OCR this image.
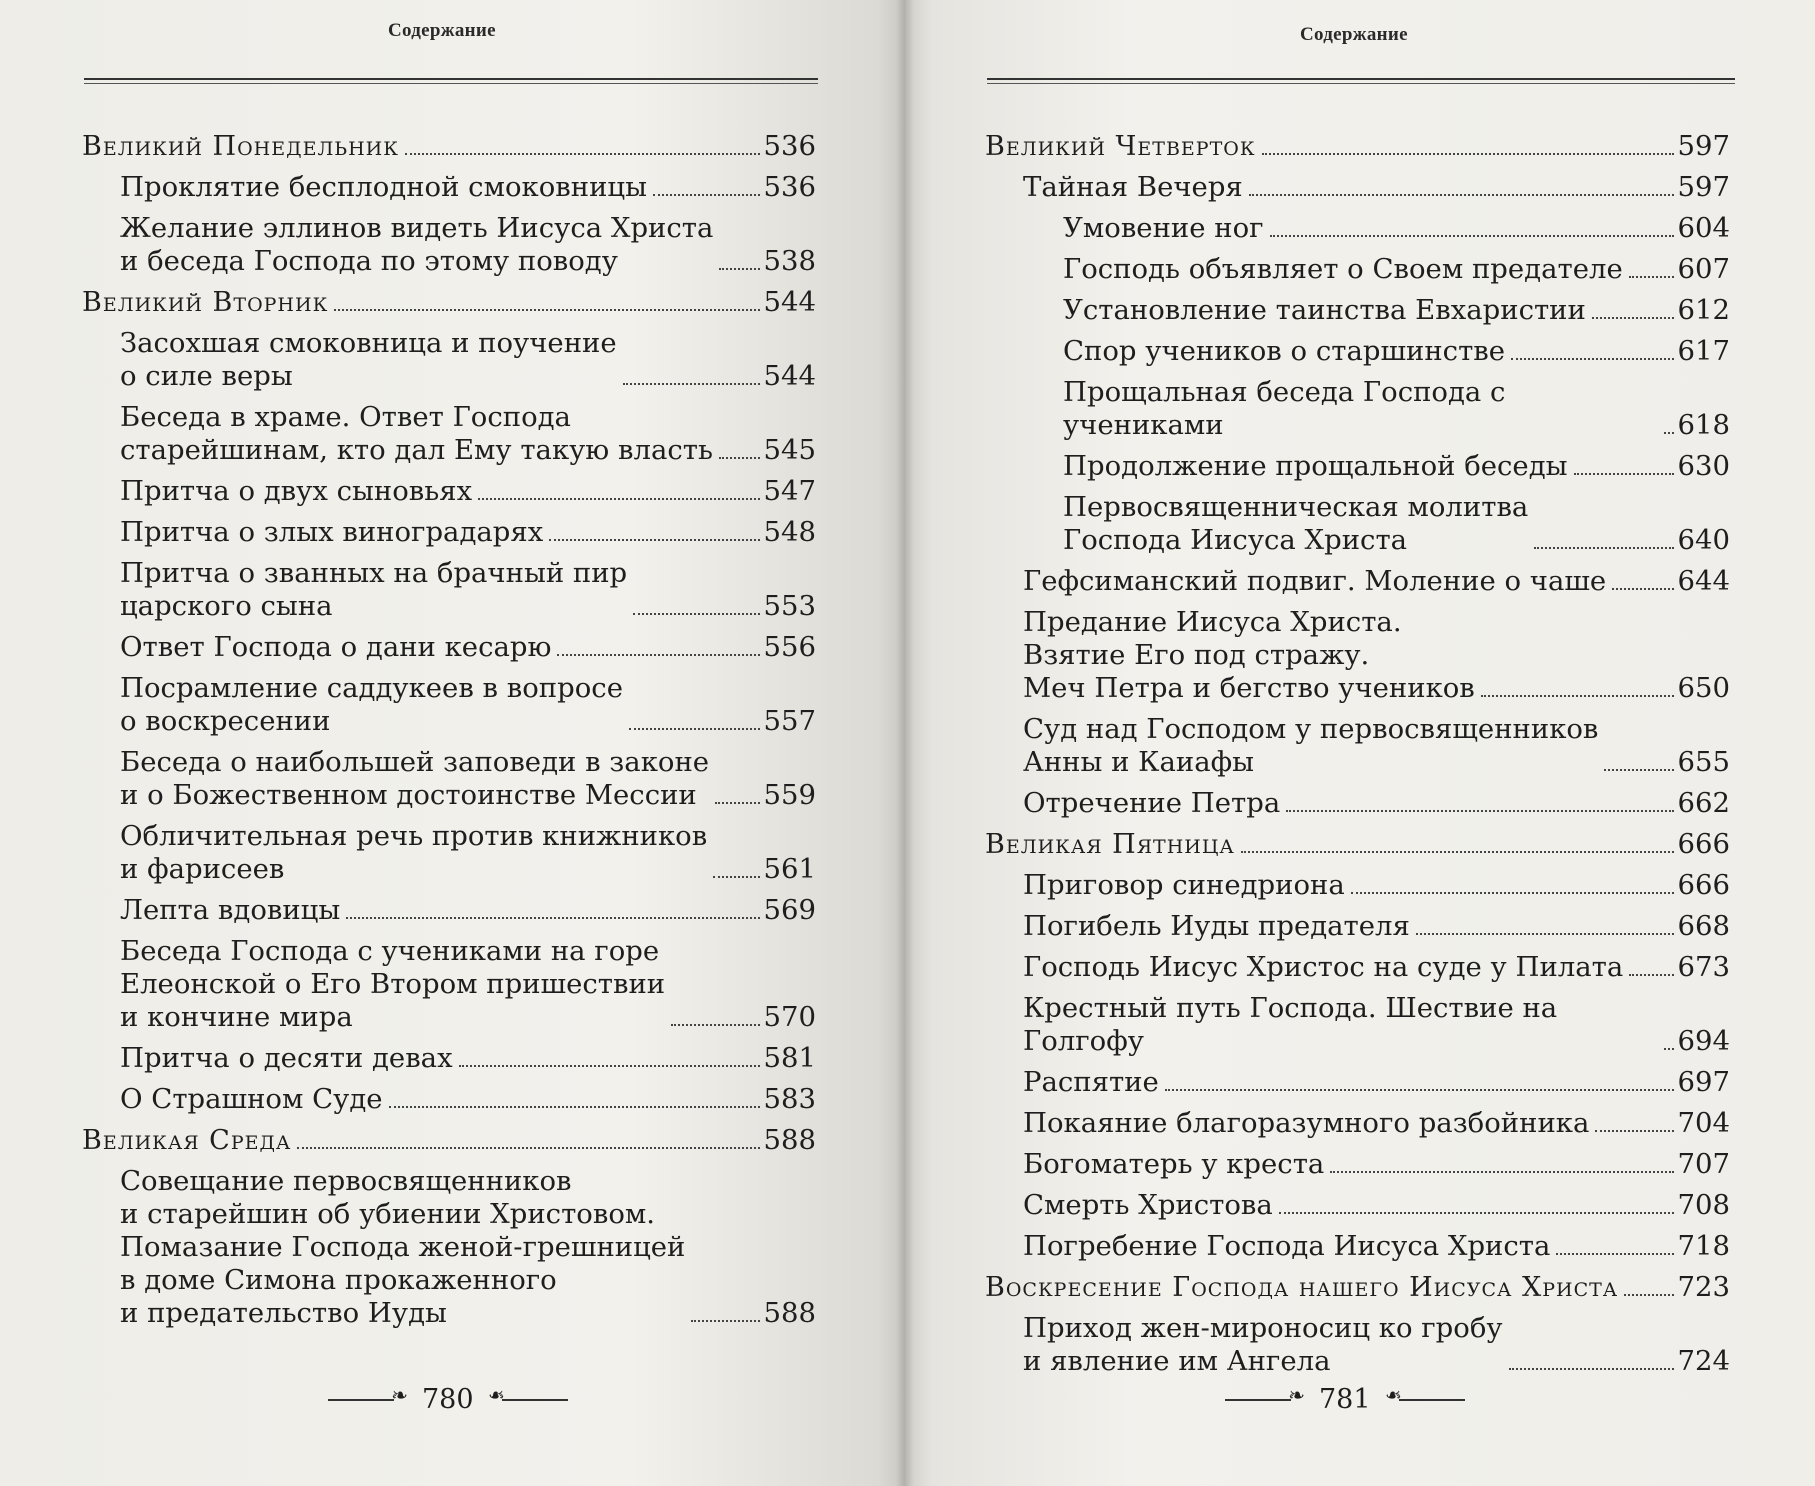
Содержание
Великий Понедельник	536
Проклятие бесплодной смоковницы	536
Желание эллинов видеть Иисуса Христа
и беседа Господа по этому поводу	538
Великий Вторник	544
Засохшая смоковница и поучение
о силе веры	544
Беседа в храме. Ответ Господа
старейшинам, кто дал Ему такую власть 545
Притча о двух сыновьях	547
Притча о злых виноградарях	548
Притча о званных на брачный пир
царского сына	553
Ответ Господа о дани кесарю	556
Посрамление саддукеев в вопросе
о воскресении	557
Беседа о наибольшей заповеди в законе
и о Божественном достоинстве Мессии	559
Обличительная речь против книжников
и фарисеев	561
Лепта вдовицы	569
Беседа Господа с учениками на горе
Елеонской о Его Втором пришествии
и кончине мира	570
Притча о десяти девах	581
О Страшном Суде	583
Великая Среда	588
Совещание первосвященников
и старейшин об убиении Христовом.
Помазание Господа женой-грешницей
в доме Симона прокаженного
и предательство Иуды	588
❧
780
❧
Содержание
Великий Четверток	597
Тайная Вечеря	597
Умовение ног	604
Господь объявляет о Своем предателе 607
Установление таинства Евхаристии	612
Спор учеников о старшинстве	617
Прощальная беседа Господа с учениками	618
Продолжение прощальной беседы	630
Первосвященническая молитва
Господа Иисуса Христа	640
Гефсиманский подвиг. Моление о чаше	644
Предание Иисуса Христа.
Взятие Его под стражу.
Меч Петра и бегство учеников	650
Суд над Господом у первосвященников
Анны и Каиафы	655
Отречение Петра	662
Великая Пятница	666
Приговор синедриона	666
Погибель Иуды предателя	668
Господь Иисус Христос на суде у Пилата 673
Крестный путь Господа. Шествие на Голгофу	694
Распятие	697
Покаяние благоразумного разбойника	704
Богоматерь у креста	707
Смерть Христова	708
Погребение Господа Иисуса Христа	718
Воскресение Господа нашего Иисуса Христа 723
Приход жен-мироносиц ко гробу
и явление им Ангела	724
❧
781
❧
